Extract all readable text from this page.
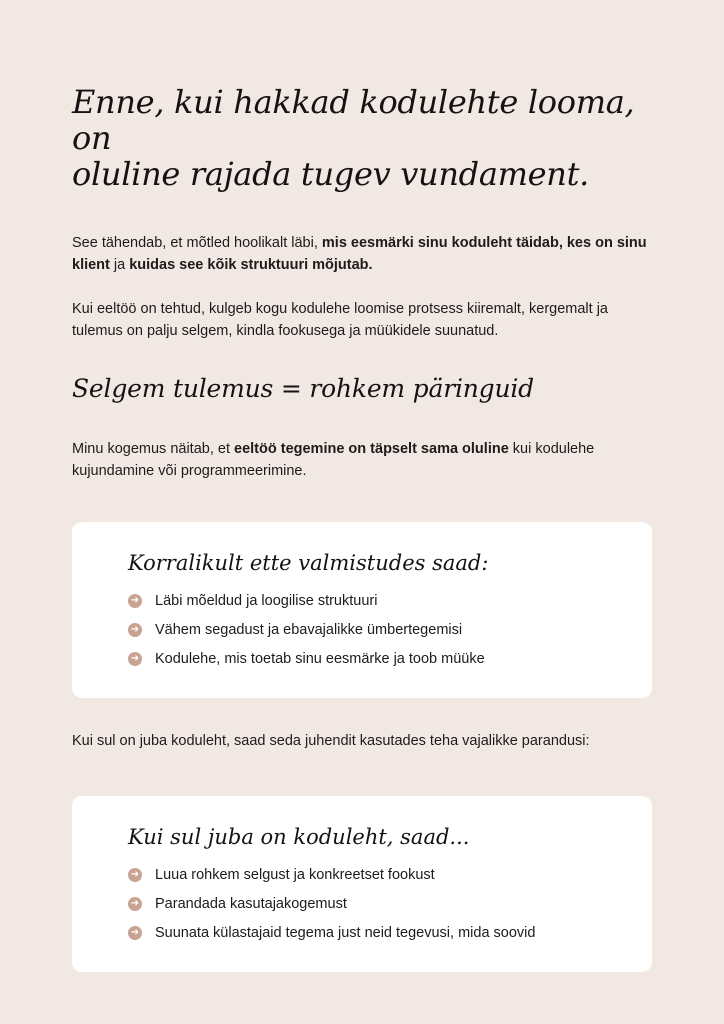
Enne, kui hakkad kodulehte looma, on
oluline rajada tugev vundament.

See tähendab, et mõtled hoolikalt läbi, mis eesmärki sinu koduleht täidab, kes on sinu klient ja kuidas see kõik struktuuri mõjutab.

Kui eeltöö on tehtud, kulgeb kogu kodulehe loomise protsess kiiremalt, kergemalt ja tulemus on palju selgem, kindla fookusega ja müükidele suunatud.

Selgem tulemus = rohkem päringuid

Minu kogemus näitab, et eeltöö tegemine on täpselt sama oluline kui kodulehe kujundamine või programmeerimine.

Korralikult ette valmistudes saad:
➜ Läbi mõeldud ja loogilise struktuuri
➜ Vähem segadust ja ebavajalikke ümbertegemisi
➜ Kodulehe, mis toetab sinu eesmärke ja toob müüke

Kui sul on juba koduleht, saad seda juhendit kasutades teha vajalikke parandusi:

Kui sul juba on koduleht, saad...
➜ Luua rohkem selgust ja konkreetset fookust
➜ Parandada kasutajakogemust
➜ Suunata külastajaid tegema just neid tegevusi, mida soovid
